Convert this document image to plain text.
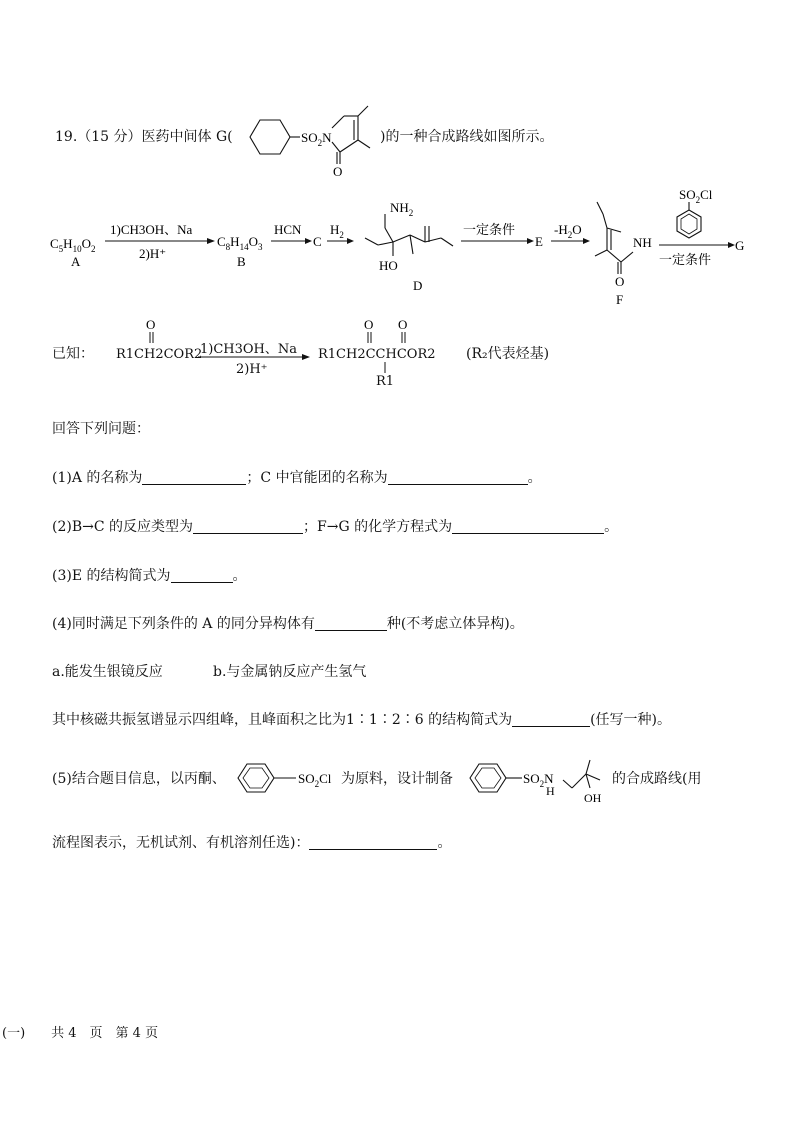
19.（15 分）医药中间体 G(	$SO_2N$
O
)的一种合成路线如图所示。
$C_5H_{10}O_2$
A
1)CH3OH、Na
2)H⁺
$C_8H_{14}O_3$
B
HCN
C
$H_2$
$NH_2$
HO
D
一定条件
E
$-H_2O$
NH
O
F
$SO_2Cl$
一定条件
G
已知： R1CH2COR2
O
1)CH3OH、Na
2)H⁺
O O
R1CH2CCHCOR2
R1
(R₂代表烃基)
回答下列问题：
(1)A 的名称为	；C 中官能团的名称为	。
(2)B→C 的反应类型为	；F→G 的化学方程式为	。
(3)E 的结构简式为	。
(4)同时满足下列条件的 A 的同分异构体有	种(不考虑立体异构)。
a.能发生银镜反应	b.与金属钠反应产生氢气
其中核磁共振氢谱显示四组峰，且峰面积之比为1∶1∶2∶6 的结构简式为	(任写一种)。
(5)结合题目信息，以丙酮、	$SO_2Cl$ 为原料，设计制备	$SO_2N$
H OH
的合成路线(用
流程图表示，无机试剂、有机溶剂任选)：	。
(一)　　共 4　页　第 4 页
